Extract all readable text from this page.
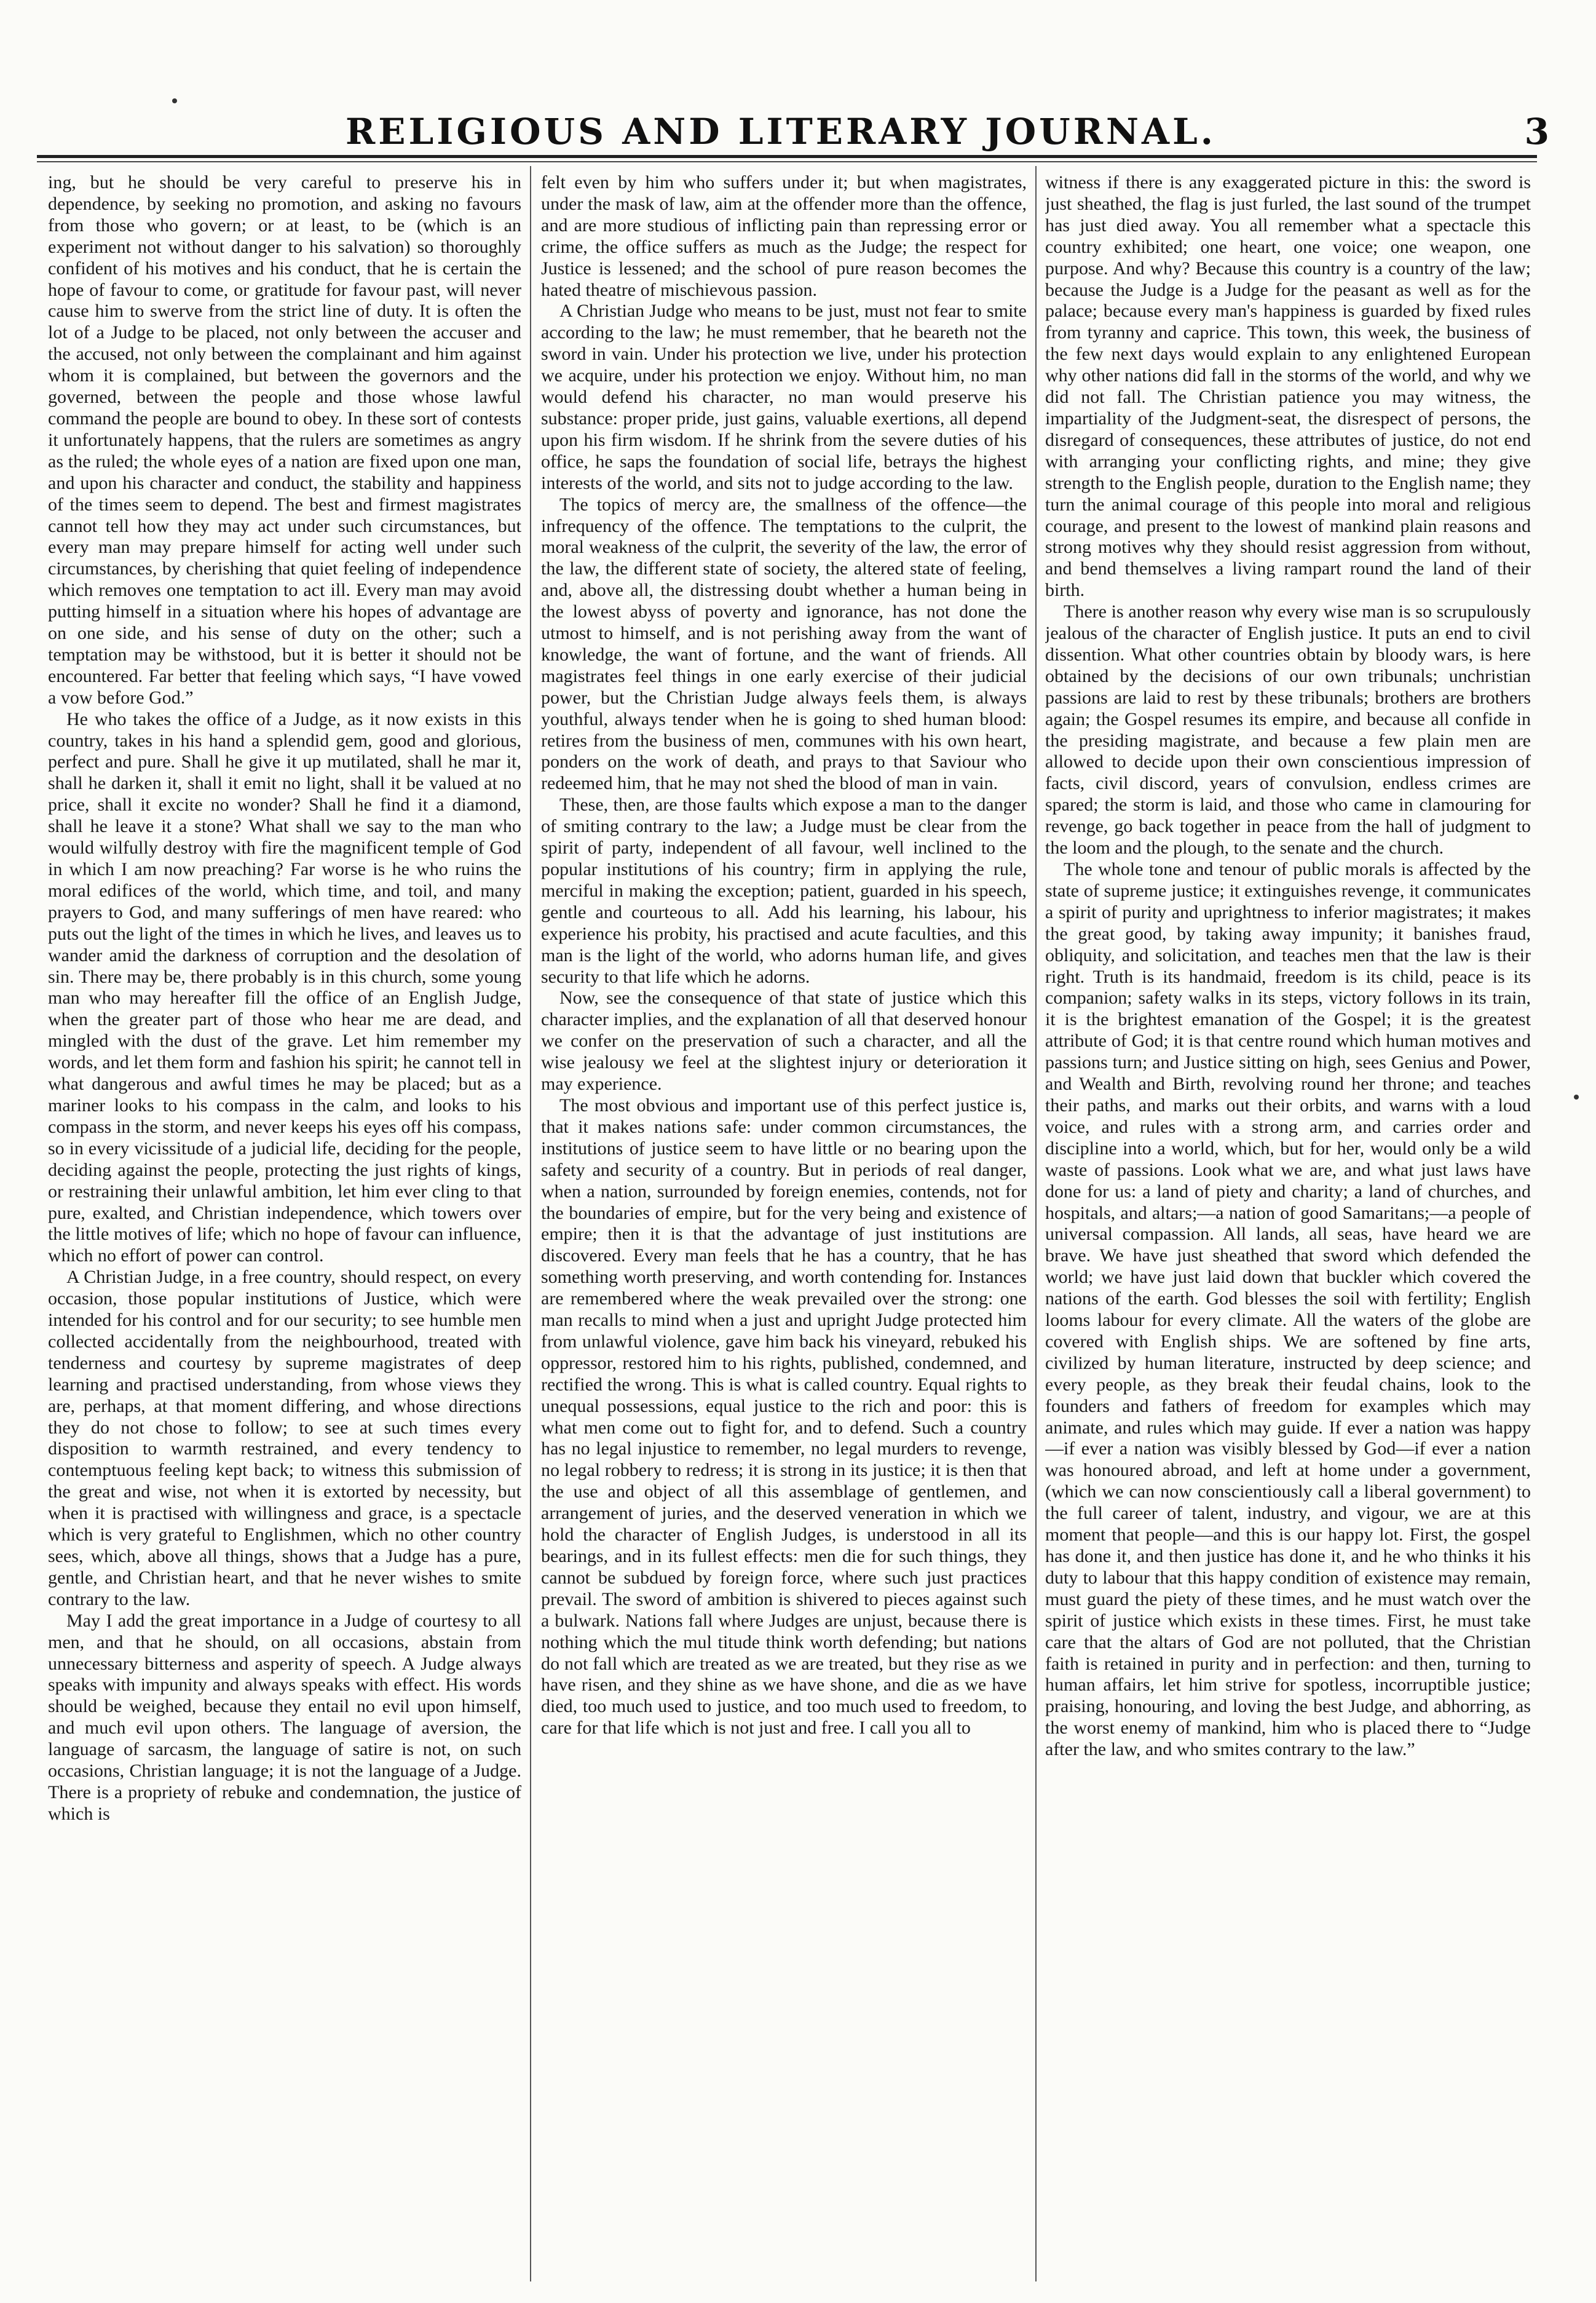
RELIGIOUS AND LITERARY JOURNAL.	3

ing, but he should be very careful to preserve his in dependence, by seeking no promotion, and asking no favours from those who govern; or at least, to be (which is an experiment not without danger to his salvation) so thoroughly confident of his motives and his conduct, that he is certain the hope of favour to come, or gratitude for favour past, will never cause him to swerve from the strict line of duty. It is often the lot of a Judge to be placed, not only between the accuser and the accused, not only between the complainant and him against whom it is complained, but between the governors and the governed, between the people and those whose lawful command the people are bound to obey. In these sort of contests it unfortunately happens, that the rulers are sometimes as angry as the ruled; the whole eyes of a nation are fixed upon one man, and upon his character and conduct, the stability and happiness of the times seem to depend. The best and firmest magistrates cannot tell how they may act under such circumstances, but every man may prepare himself for acting well under such circumstances, by cherishing that quiet feeling of independence which removes one temptation to act ill. Every man may avoid putting himself in a situation where his hopes of advantage are on one side, and his sense of duty on the other; such a temptation may be withstood, but it is better it should not be encountered. Far better that feeling which says, “I have vowed a vow before God.”

He who takes the office of a Judge, as it now exists in this country, takes in his hand a splendid gem, good and glorious, perfect and pure. Shall he give it up mutilated, shall he mar it, shall he darken it, shall it emit no light, shall it be valued at no price, shall it excite no wonder? Shall he find it a diamond, shall he leave it a stone? What shall we say to the man who would wilfully destroy with fire the magnificent temple of God in which I am now preaching? Far worse is he who ruins the moral edifices of the world, which time, and toil, and many prayers to God, and many sufferings of men have reared: who puts out the light of the times in which he lives, and leaves us to wander amid the darkness of corruption and the desolation of sin. There may be, there probably is in this church, some young man who may hereafter fill the office of an English Judge, when the greater part of those who hear me are dead, and mingled with the dust of the grave. Let him remember my words, and let them form and fashion his spirit; he cannot tell in what dangerous and awful times he may be placed; but as a mariner looks to his compass in the calm, and looks to his compass in the storm, and never keeps his eyes off his compass, so in every vicissitude of a judicial life, deciding for the people, deciding against the people, protecting the just rights of kings, or restraining their unlawful ambition, let him ever cling to that pure, exalted, and Christian independence, which towers over the little motives of life; which no hope of favour can influence, which no effort of power can control.

A Christian Judge, in a free country, should respect, on every occasion, those popular institutions of Justice, which were intended for his control and for our security; to see humble men collected accidentally from the neighbourhood, treated with tenderness and courtesy by supreme magistrates of deep learning and practised understanding, from whose views they are, perhaps, at that moment differing, and whose directions they do not chose to follow; to see at such times every disposition to warmth restrained, and every tendency to contemptuous feeling kept back; to witness this submission of the great and wise, not when it is extorted by necessity, but when it is practised with willingness and grace, is a spectacle which is very grateful to Englishmen, which no other country sees, which, above all things, shows that a Judge has a pure, gentle, and Christian heart, and that he never wishes to smite contrary to the law.

May I add the great importance in a Judge of courtesy to all men, and that he should, on all occasions, abstain from unnecessary bitterness and asperity of speech. A Judge always speaks with impunity and always speaks with effect. His words should be weighed, because they entail no evil upon himself, and much evil upon others. The language of aversion, the language of sarcasm, the language of satire is not, on such occasions, Christian language; it is not the language of a Judge. There is a propriety of rebuke and condemnation, the justice of which is

felt even by him who suffers under it; but when magistrates, under the mask of law, aim at the offender more than the offence, and are more studious of inflicting pain than repressing error or crime, the office suffers as much as the Judge; the respect for Justice is lessened; and the school of pure reason becomes the hated theatre of mischievous passion.

A Christian Judge who means to be just, must not fear to smite according to the law; he must remember, that he beareth not the sword in vain. Under his protection we live, under his protection we acquire, under his protection we enjoy. Without him, no man would defend his character, no man would preserve his substance: proper pride, just gains, valuable exertions, all depend upon his firm wisdom. If he shrink from the severe duties of his office, he saps the foundation of social life, betrays the highest interests of the world, and sits not to judge according to the law.

The topics of mercy are, the smallness of the offence—the infrequency of the offence. The temptations to the culprit, the moral weakness of the culprit, the severity of the law, the error of the law, the different state of society, the altered state of feeling, and, above all, the distressing doubt whether a human being in the lowest abyss of poverty and ignorance, has not done the utmost to himself, and is not perishing away from the want of knowledge, the want of fortune, and the want of friends. All magistrates feel things in one early exercise of their judicial power, but the Christian Judge always feels them, is always youthful, always tender when he is going to shed human blood: retires from the business of men, communes with his own heart, ponders on the work of death, and prays to that Saviour who redeemed him, that he may not shed the blood of man in vain.

These, then, are those faults which expose a man to the danger of smiting contrary to the law; a Judge must be clear from the spirit of party, independent of all favour, well inclined to the popular institutions of his country; firm in applying the rule, merciful in making the exception; patient, guarded in his speech, gentle and courteous to all. Add his learning, his labour, his experience his probity, his practised and acute faculties, and this man is the light of the world, who adorns human life, and gives security to that life which he adorns.

Now, see the consequence of that state of justice which this character implies, and the explanation of all that deserved honour we confer on the preservation of such a character, and all the wise jealousy we feel at the slightest injury or deterioration it may experience.

The most obvious and important use of this perfect justice is, that it makes nations safe: under common circumstances, the institutions of justice seem to have little or no bearing upon the safety and security of a country. But in periods of real danger, when a nation, surrounded by foreign enemies, contends, not for the boundaries of empire, but for the very being and existence of empire; then it is that the advantage of just institutions are discovered. Every man feels that he has a country, that he has something worth preserving, and worth contending for. Instances are remembered where the weak prevailed over the strong: one man recalls to mind when a just and upright Judge protected him from unlawful violence, gave him back his vineyard, rebuked his oppressor, restored him to his rights, published, condemned, and rectified the wrong. This is what is called country. Equal rights to unequal possessions, equal justice to the rich and poor: this is what men come out to fight for, and to defend. Such a country has no legal injustice to remember, no legal murders to revenge, no legal robbery to redress; it is strong in its justice; it is then that the use and object of all this assemblage of gentlemen, and arrangement of juries, and the deserved veneration in which we hold the character of English Judges, is understood in all its bearings, and in its fullest effects: men die for such things, they cannot be subdued by foreign force, where such just practices prevail. The sword of ambition is shivered to pieces against such a bulwark. Nations fall where Judges are unjust, because there is nothing which the mul titude think worth defending; but nations do not fall which are treated as we are treated, but they rise as we have risen, and they shine as we have shone, and die as we have died, too much used to justice, and too much used to freedom, to care for that life which is not just and free. I call you all to

witness if there is any exaggerated picture in this: the sword is just sheathed, the flag is just furled, the last sound of the trumpet has just died away. You all remember what a spectacle this country exhibited; one heart, one voice; one weapon, one purpose. And why? Because this country is a country of the law; because the Judge is a Judge for the peasant as well as for the palace; because every man's happiness is guarded by fixed rules from tyranny and caprice. This town, this week, the business of the few next days would explain to any enlightened European why other nations did fall in the storms of the world, and why we did not fall. The Christian patience you may witness, the impartiality of the Judgment-seat, the disrespect of persons, the disregard of consequences, these attributes of justice, do not end with arranging your conflicting rights, and mine; they give strength to the English people, duration to the English name; they turn the animal courage of this people into moral and religious courage, and present to the lowest of mankind plain reasons and strong motives why they should resist aggression from without, and bend themselves a living rampart round the land of their birth.

There is another reason why every wise man is so scrupulously jealous of the character of English justice. It puts an end to civil dissention. What other countries obtain by bloody wars, is here obtained by the decisions of our own tribunals; unchristian passions are laid to rest by these tribunals; brothers are brothers again; the Gospel resumes its empire, and because all confide in the presiding magistrate, and because a few plain men are allowed to decide upon their own conscientious impression of facts, civil discord, years of convulsion, endless crimes are spared; the storm is laid, and those who came in clamouring for revenge, go back together in peace from the hall of judgment to the loom and the plough, to the senate and the church.

The whole tone and tenour of public morals is affected by the state of supreme justice; it extinguishes revenge, it communicates a spirit of purity and uprightness to inferior magistrates; it makes the great good, by taking away impunity; it banishes fraud, obliquity, and solicitation, and teaches men that the law is their right. Truth is its handmaid, freedom is its child, peace is its companion; safety walks in its steps, victory follows in its train, it is the brightest emanation of the Gospel; it is the greatest attribute of God; it is that centre round which human motives and passions turn; and Justice sitting on high, sees Genius and Power, and Wealth and Birth, revolving round her throne; and teaches their paths, and marks out their orbits, and warns with a loud voice, and rules with a strong arm, and carries order and discipline into a world, which, but for her, would only be a wild waste of passions. Look what we are, and what just laws have done for us: a land of piety and charity; a land of churches, and hospitals, and altars;—a nation of good Samaritans;—a people of universal compassion. All lands, all seas, have heard we are brave. We have just sheathed that sword which defended the world; we have just laid down that buckler which covered the nations of the earth. God blesses the soil with fertility; English looms labour for every climate. All the waters of the globe are covered with English ships. We are softened by fine arts, civilized by human literature, instructed by deep science; and every people, as they break their feudal chains, look to the founders and fathers of freedom for examples which may animate, and rules which may guide. If ever a nation was happy—if ever a nation was visibly blessed by God—if ever a nation was honoured abroad, and left at home under a government, (which we can now conscientiously call a liberal government) to the full career of talent, industry, and vigour, we are at this moment that people—and this is our happy lot. First, the gospel has done it, and then justice has done it, and he who thinks it his duty to labour that this happy condition of existence may remain, must guard the piety of these times, and he must watch over the spirit of justice which exists in these times. First, he must take care that the altars of God are not polluted, that the Christian faith is retained in purity and in perfection: and then, turning to human affairs, let him strive for spotless, incorruptible justice; praising, honouring, and loving the best Judge, and abhorring, as the worst enemy of mankind, him who is placed there to “Judge after the law, and who smites contrary to the law.”
